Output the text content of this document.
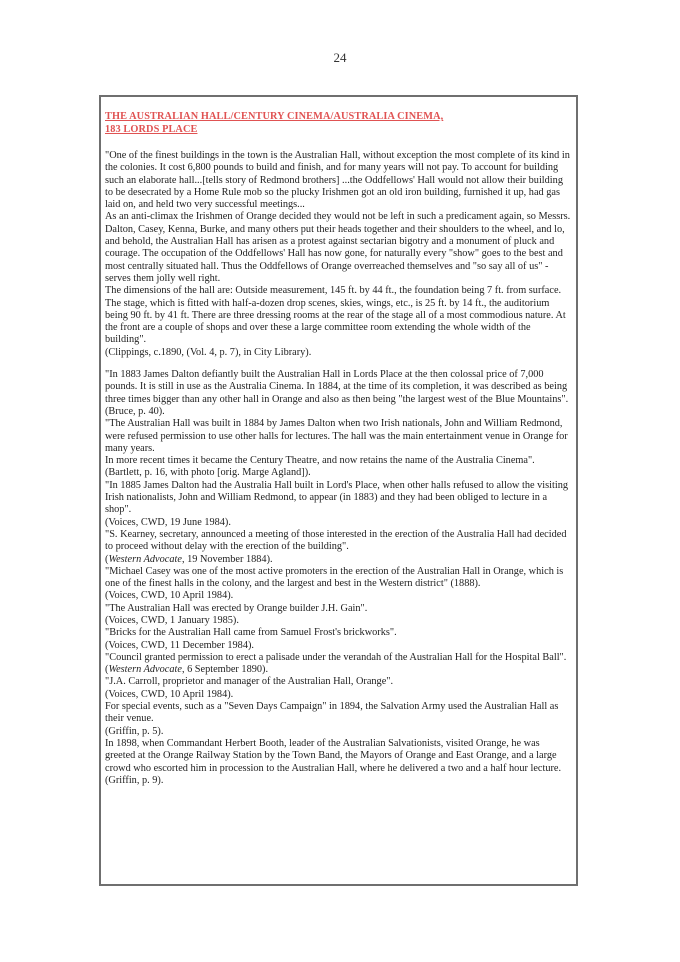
24
THE AUSTRALIAN HALL/CENTURY CINEMA/AUSTRALIA CINEMA,
183 LORDS PLACE

"One of the finest buildings in the town is the Australian Hall, without exception the most complete of its kind in the colonies. It cost 6,800 pounds to build and finish, and for many years will not pay. To account for building such an elaborate hall...[tells story of Redmond brothers] ...the Oddfellows' Hall would not allow their building to be desecrated by a Home Rule mob so the plucky Irishmen got an old iron building, furnished it up, had gas laid on, and held two very successful meetings...

As an anti-climax the Irishmen of Orange decided they would not be left in such a predicament again, so Messrs. Dalton, Casey, Kenna, Burke, and many others put their heads together and their shoulders to the wheel, and lo, and behold, the Australian Hall has arisen as a protest against sectarian bigotry and a monument of pluck and courage. The occupation of the Oddfellows' Hall has now gone, for naturally every "show" goes to the best and most centrally situated hall. Thus the Oddfellows of Orange overreached themselves and "so say all of us" - serves them jolly well right.

The dimensions of the hall are: Outside measurement, 145 ft. by 44 ft., the foundation being 7 ft. from surface. The stage, which is fitted with half-a-dozen drop scenes, skies, wings, etc., is 25 ft. by 14 ft., the auditorium being 90 ft. by 41 ft. There are three dressing rooms at the rear of the stage all of a most commodious nature. At the front are a couple of shops and over these a large committee room extending the whole width of the building".

(Clippings, c.1890, (Vol. 4, p. 7), in City Library).

"In 1883 James Dalton defiantly built the Australian Hall in Lords Place at the then colossal price of 7,000 pounds. It is still in use as the Australia Cinema. In 1884, at the time of its completion, it was described as being three times bigger than any other hall in Orange and also as then being "the largest west of the Blue Mountains".

(Bruce, p. 40).

"The Australian Hall was built in 1884 by James Dalton when two Irish nationals, John and William Redmond, were refused permission to use other halls for lectures. The hall was the main entertainment venue in Orange for many years.

In more recent times it became the Century Theatre, and now retains the name of the Australia Cinema".

(Bartlett, p. 16, with photo [orig. Marge Agland]).

"In 1885 James Dalton had the Australia Hall built in Lord's Place, when other halls refused to allow the visiting Irish nationalists, John and William Redmond, to appear (in 1883) and they had been obliged to lecture in a shop".

(Voices, CWD, 19 June 1984).

"S. Kearney, secretary, announced a meeting of those interested in the erection of the Australia Hall had decided to proceed without delay with the erection of the building".

(Western Advocate, 19 November 1884).

"Michael Casey was one of the most active promoters in the erection of the Australian Hall in Orange, which is one of the finest halls in the colony, and the largest and best in the Western district" (1888).

(Voices, CWD, 10 April 1984).

"The Australian Hall was erected by Orange builder J.H. Gain".

(Voices, CWD, 1 January 1985).

"Bricks for the Australian Hall came from Samuel Frost's brickworks".

(Voices, CWD, 11 December 1984).

"Council granted permission to erect a palisade under the verandah of the Australian Hall for the Hospital Ball".

(Western Advocate, 6 September 1890).

"J.A. Carroll, proprietor and manager of the Australian Hall, Orange".

(Voices, CWD, 10 April 1984).

For special events, such as a "Seven Days Campaign" in 1894, the Salvation Army used the Australian Hall as their venue.

(Griffin, p. 5).

In 1898, when Commandant Herbert Booth, leader of the Australian Salvationists, visited Orange, he was greeted at the Orange Railway Station by the Town Band, the Mayors of Orange and East Orange, and a large crowd who escorted him in procession to the Australian Hall, where he delivered a two and a half hour lecture.

(Griffin, p. 9).
